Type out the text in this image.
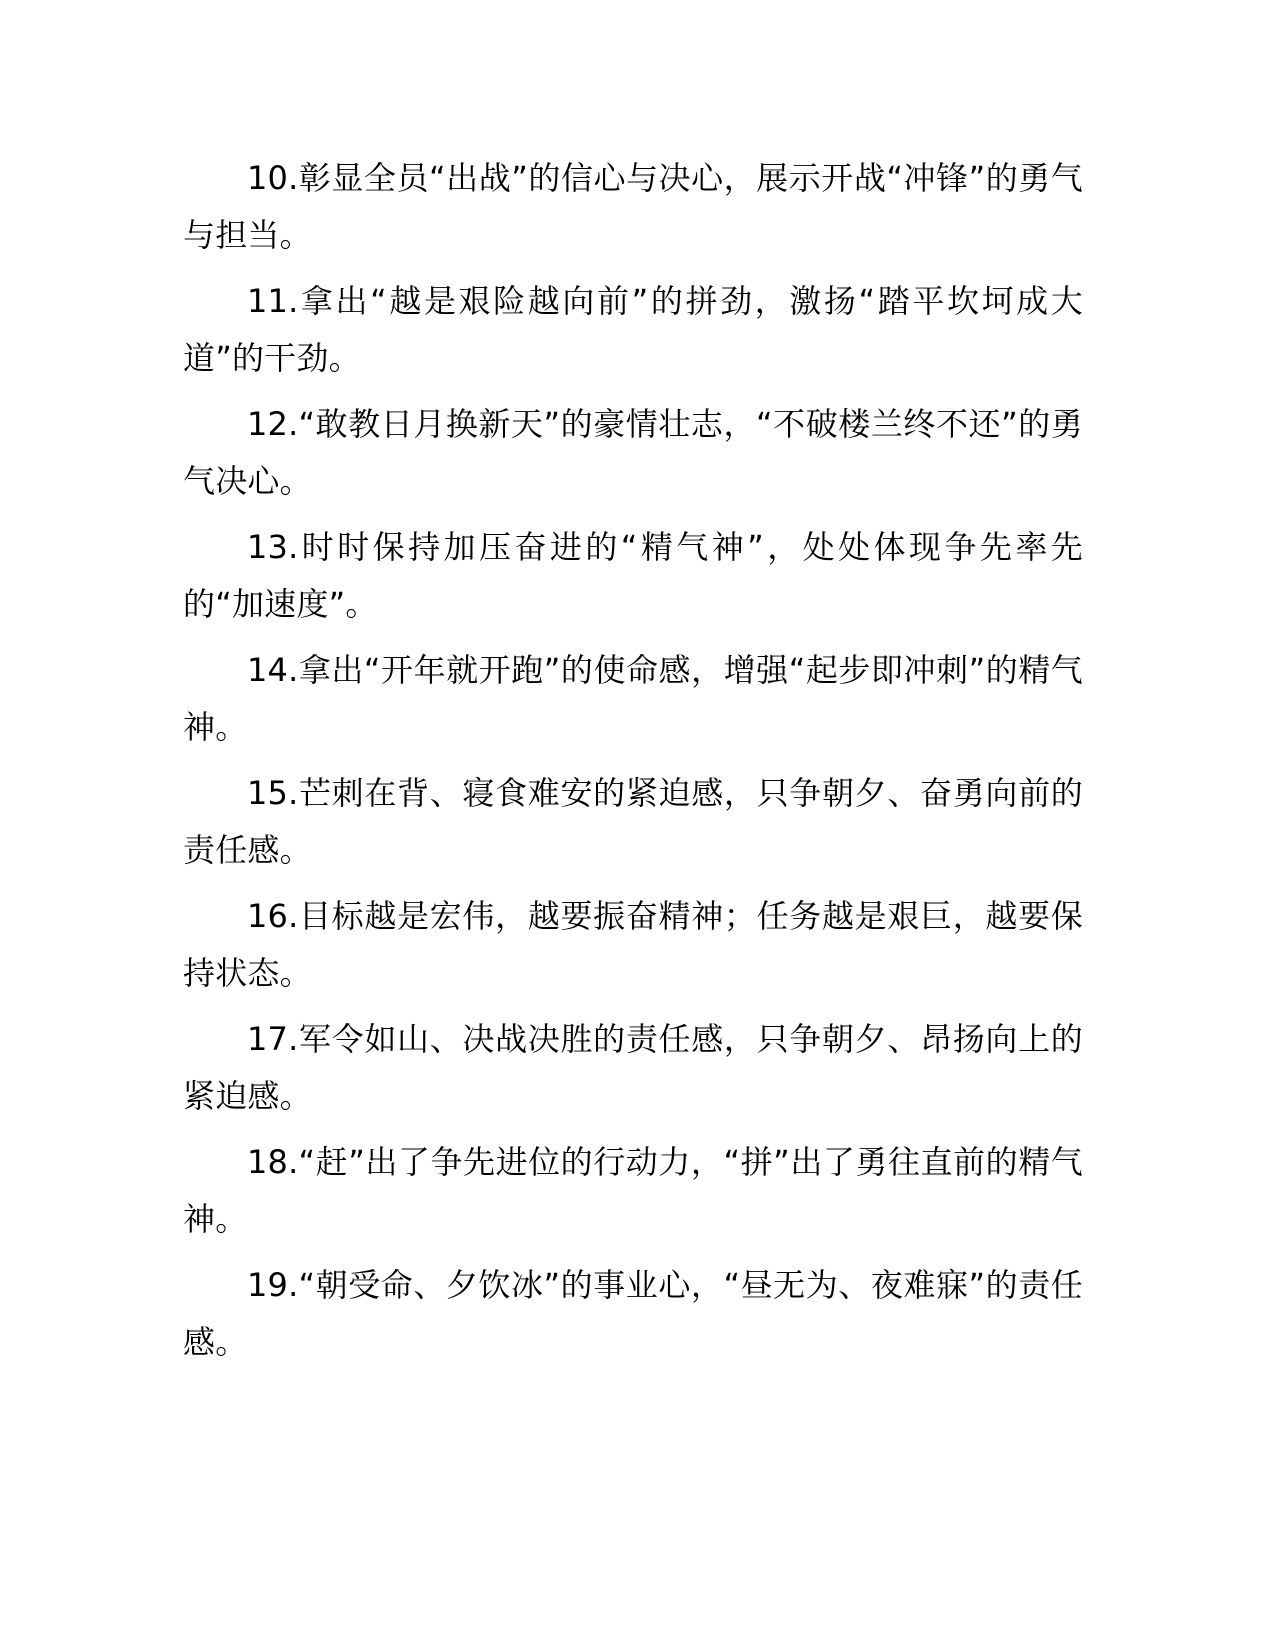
10.彰显全员“出战”的信心与决心，展示开战“冲锋”的勇气与担当。

11.拿出“越是艰险越向前”的拼劲，激扬“踏平坎坷成大道”的干劲。

12.“敢教日月换新天”的豪情壮志，“不破楼兰终不还”的勇气决心。

13.时时保持加压奋进的“精气神”，处处体现争先率先的“加速度”。

14.拿出“开年就开跑”的使命感，增强“起步即冲刺”的精气神。

15.芒刺在背、寝食难安的紧迫感，只争朝夕、奋勇向前的责任感。

16.目标越是宏伟，越要振奋精神；任务越是艰巨，越要保持状态。

17.军令如山、决战决胜的责任感，只争朝夕、昂扬向上的紧迫感。

18.“赶”出了争先进位的行动力，“拼”出了勇往直前的精气神。

19.“朝受命、夕饮冰”的事业心，“昼无为、夜难寐”的责任感。
